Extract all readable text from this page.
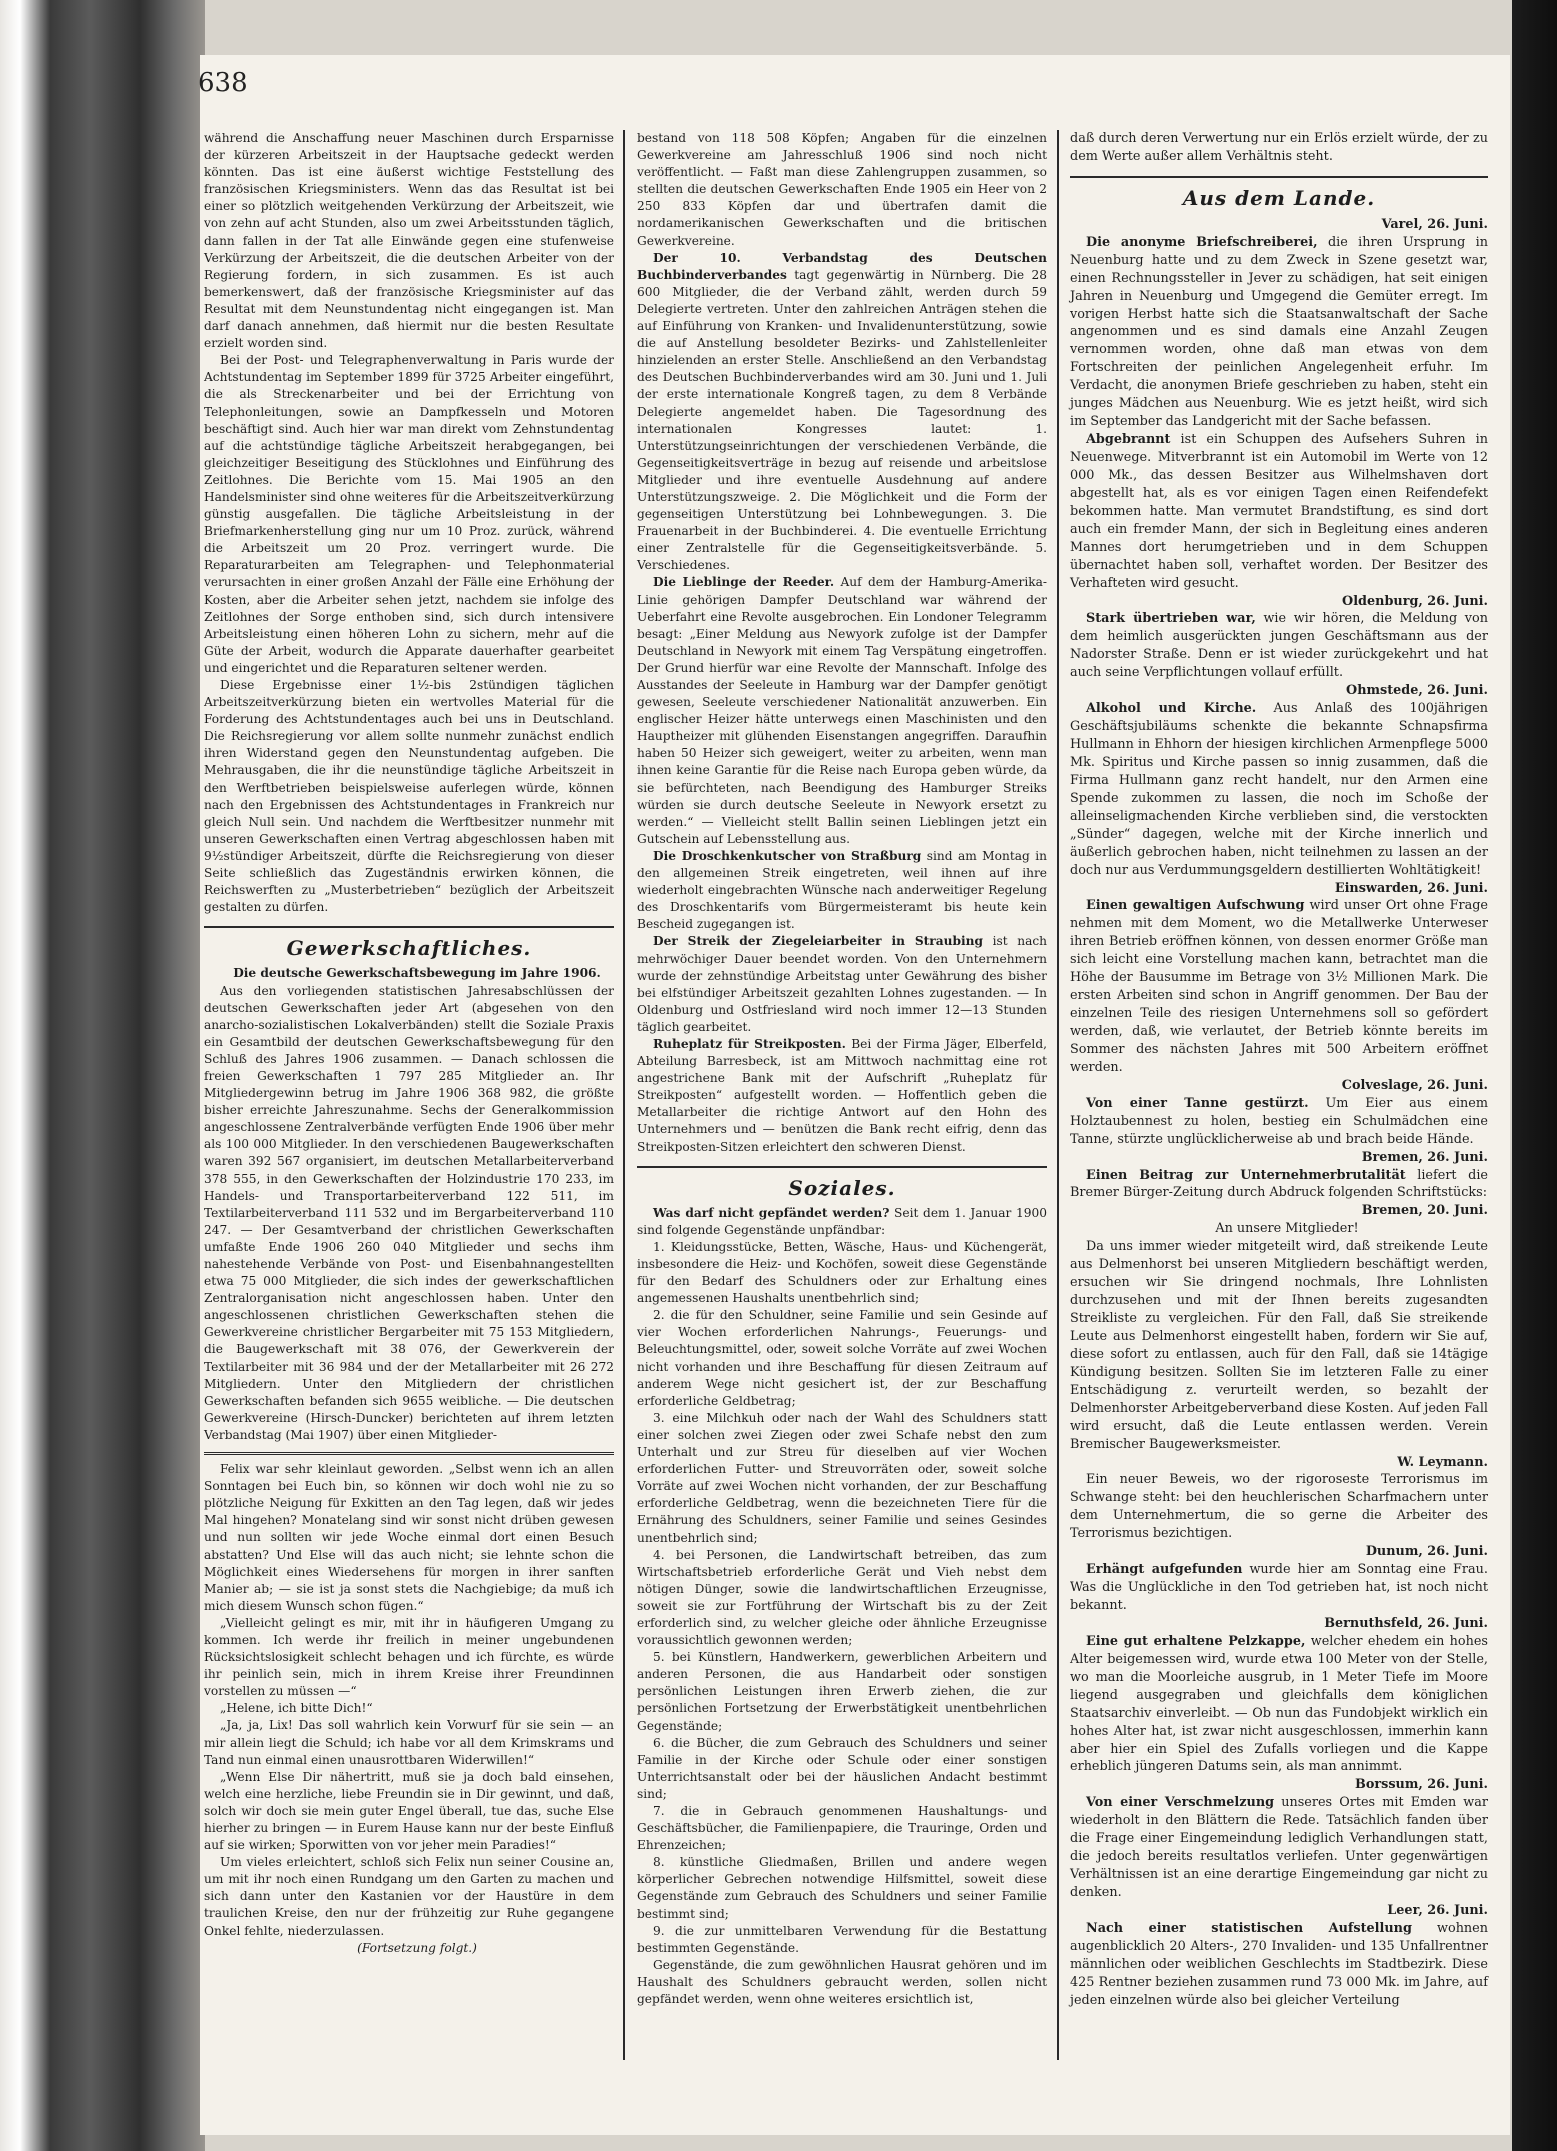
638

während die Anschaffung neuer Maschinen durch Ersparnisse der kürzeren Arbeitszeit in der Hauptsache gedeckt werden könnten. Das ist eine äußerst wichtige Feststellung des französischen Kriegsministers. Wenn das das Resultat ist bei einer so plötzlich weitgehenden Verkürzung der Arbeitszeit, wie von zehn auf acht Stunden, also um zwei Arbeitsstunden täglich, dann fallen in der Tat alle Einwände gegen eine stufenweise Verkürzung der Arbeitszeit, die die deutschen Arbeiter von der Regierung fordern, in sich zusammen. Es ist auch bemerkenswert, daß der französische Kriegsminister auf das Resultat mit dem Neunstundentag nicht eingegangen ist. Man darf danach annehmen, daß hiermit nur die besten Resultate erzielt worden sind.

Bei der Post- und Telegraphenverwaltung in Paris wurde der Achtstundentag im September 1899 für 3725 Arbeiter eingeführt, die als Streckenarbeiter und bei der Errichtung von Telephonleitungen, sowie an Dampfkesseln und Motoren beschäftigt sind. Auch hier war man direkt vom Zehnstundentag auf die achtstündige tägliche Arbeitszeit herabgegangen, bei gleichzeitiger Beseitigung des Stücklohnes und Einführung des Zeitlohnes. Die Berichte vom 15. Mai 1905 an den Handelsminister sind ohne weiteres für die Arbeitszeitverkürzung günstig ausgefallen. Die tägliche Arbeitsleistung in der Briefmarkenherstellung ging nur um 10 Proz. zurück, während die Arbeitszeit um 20 Proz. verringert wurde. Die Reparaturarbeiten am Telegraphen- und Telephonmaterial verursachten in einer großen Anzahl der Fälle eine Erhöhung der Kosten, aber die Arbeiter sehen jetzt, nachdem sie infolge des Zeitlohnes der Sorge enthoben sind, sich durch intensivere Arbeitsleistung einen höheren Lohn zu sichern, mehr auf die Güte der Arbeit, wodurch die Apparate dauerhafter gearbeitet und eingerichtet und die Reparaturen seltener werden.

Diese Ergebnisse einer 1⅟₂-bis 2stündigen täglichen Arbeitszeitverkürzung bieten ein wertvolles Material für die Forderung des Achtstundentages auch bei uns in Deutschland. Die Reichsregierung vor allem sollte nunmehr zunächst endlich ihren Widerstand gegen den Neunstundentag aufgeben. Die Mehrausgaben, die ihr die neunstündige tägliche Arbeitszeit in den Werftbetrieben beispielsweise auferlegen würde, können nach den Ergebnissen des Achtstundentages in Frankreich nur gleich Null sein. Und nachdem die Werftbesitzer nunmehr mit unseren Gewerkschaften einen Vertrag abgeschlossen haben mit 9⅟₂stündiger Arbeitszeit, dürfte die Reichsregierung von dieser Seite schließlich das Zugeständnis erwirken können, die Reichswerften zu „Musterbetrieben“ bezüglich der Arbeitszeit gestalten zu dürfen.

Gewerkschaftliches.

Die deutsche Gewerkschaftsbewegung im Jahre 1906.

Aus den vorliegenden statistischen Jahresabschlüssen der deutschen Gewerkschaften jeder Art (abgesehen von den anarcho-sozialistischen Lokalverbänden) stellt die Soziale Praxis ein Gesamtbild der deutschen Gewerkschaftsbewegung für den Schluß des Jahres 1906 zusammen. — Danach schlossen die freien Gewerkschaften 1 797 285 Mitglieder an. Ihr Mitgliedergewinn betrug im Jahre 1906 368 982, die größte bisher erreichte Jahreszunahme. Sechs der Generalkommission angeschlossene Zentralverbände verfügten Ende 1906 über mehr als 100 000 Mitglieder. In den verschiedenen Baugewerkschaften waren 392 567 organisiert, im deutschen Metallarbeiterverband 378 555, in den Gewerkschaften der Holzindustrie 170 233, im Handels- und Transportarbeiterverband 122 511, im Textilarbeiterverband 111 532 und im Bergarbeiterverband 110 247. — Der Gesamtverband der christlichen Gewerkschaften umfaßte Ende 1906 260 040 Mitglieder und sechs ihm nahestehende Verbände von Post- und Eisenbahnangestellten etwa 75 000 Mitglieder, die sich indes der gewerkschaftlichen Zentralorganisation nicht angeschlossen haben. Unter den angeschlossenen christlichen Gewerkschaften stehen die Gewerkvereine christlicher Bergarbeiter mit 75 153 Mitgliedern, die Baugewerkschaft mit 38 076, der Gewerkverein der Textilarbeiter mit 36 984 und der der Metallarbeiter mit 26 272 Mitgliedern. Unter den Mitgliedern der christlichen Gewerkschaften befanden sich 9655 weibliche. — Die deutschen Gewerkvereine (Hirsch-Duncker) berichteten auf ihrem letzten Verbandstag (Mai 1907) über einen Mitglieder-

Felix war sehr kleinlaut geworden. „Selbst wenn ich an allen Sonntagen bei Euch bin, so können wir doch wohl nie zu so plötzliche Neigung für Exkitten an den Tag legen, daß wir jedes Mal hingehen? Monatelang sind wir sonst nicht drüben gewesen und nun sollten wir jede Woche einmal dort einen Besuch abstatten? Und Else will das auch nicht; sie lehnte schon die Möglichkeit eines Wiedersehens für morgen in ihrer sanften Manier ab; — sie ist ja sonst stets die Nachgiebige; da muß ich mich diesem Wunsch schon fügen.“

„Vielleicht gelingt es mir, mit ihr in häufigeren Umgang zu kommen. Ich werde ihr freilich in meiner ungebundenen Rücksichtslosigkeit schlecht behagen und ich fürchte, es würde ihr peinlich sein, mich in ihrem Kreise ihrer Freundinnen vorstellen zu müssen —“

„Helene, ich bitte Dich!“

„Ja, ja, Lix! Das soll wahrlich kein Vorwurf für sie sein — an mir allein liegt die Schuld; ich habe vor all dem Krimskrams und Tand nun einmal einen unausrottbaren Widerwillen!“

„Wenn Else Dir nähertritt, muß sie ja doch bald einsehen, welch eine herzliche, liebe Freundin sie in Dir gewinnt, und daß, solch wir doch sie mein guter Engel überall, tue das, suche Else hierher zu bringen — in Eurem Hause kann nur der beste Einfluß auf sie wirken; Sporwitten von vor jeher mein Paradies!“

Um vieles erleichtert, schloß sich Felix nun seiner Cousine an, um mit ihr noch einen Rundgang um den Garten zu machen und sich dann unter den Kastanien vor der Haustüre in dem traulichen Kreise, den nur der frühzeitig zur Ruhe gegangene Onkel fehlte, niederzulassen.

(Fortsetzung folgt.)

bestand von 118 508 Köpfen; Angaben für die einzelnen Gewerkvereine am Jahresschluß 1906 sind noch nicht veröffentlicht. — Faßt man diese Zahlengruppen zusammen, so stellten die deutschen Gewerkschaften Ende 1905 ein Heer von 2 250 833 Köpfen dar und übertrafen damit die nordamerikanischen Gewerkschaften und die britischen Gewerkvereine.

Der 10. Verbandstag des Deutschen Buchbinderverbandes tagt gegenwärtig in Nürnberg. Die 28 600 Mitglieder, die der Verband zählt, werden durch 59 Delegierte vertreten. Unter den zahlreichen Anträgen stehen die auf Einführung von Kranken- und Invalidenunterstützung, sowie die auf Anstellung besoldeter Bezirks- und Zahlstellenleiter hinzielenden an erster Stelle. Anschließend an den Verbandstag des Deutschen Buchbinderverbandes wird am 30. Juni und 1. Juli der erste internationale Kongreß tagen, zu dem 8 Verbände Delegierte angemeldet haben. Die Tagesordnung des internationalen Kongresses lautet: 1. Unterstützungseinrichtungen der verschiedenen Verbände, die Gegenseitigkeitsverträge in bezug auf reisende und arbeitslose Mitglieder und ihre eventuelle Ausdehnung auf andere Unterstützungszweige. 2. Die Möglichkeit und die Form der gegenseitigen Unterstützung bei Lohnbewegungen. 3. Die Frauenarbeit in der Buchbinderei. 4. Die eventuelle Errichtung einer Zentralstelle für die Gegenseitigkeitsverbände. 5. Verschiedenes.

Die Lieblinge der Reeder. Auf dem der Hamburg-Amerika-Linie gehörigen Dampfer Deutschland war während der Ueberfahrt eine Revolte ausgebrochen. Ein Londoner Telegramm besagt: „Einer Meldung aus Newyork zufolge ist der Dampfer Deutschland in Newyork mit einem Tag Verspätung eingetroffen. Der Grund hierfür war eine Revolte der Mannschaft. Infolge des Ausstandes der Seeleute in Hamburg war der Dampfer genötigt gewesen, Seeleute verschiedener Nationalität anzuwerben. Ein englischer Heizer hätte unterwegs einen Maschinisten und den Hauptheizer mit glühenden Eisenstangen angegriffen. Daraufhin haben 50 Heizer sich geweigert, weiter zu arbeiten, wenn man ihnen keine Garantie für die Reise nach Europa geben würde, da sie befürchteten, nach Beendigung des Hamburger Streiks würden sie durch deutsche Seeleute in Newyork ersetzt zu werden.“ — Vielleicht stellt Ballin seinen Lieblingen jetzt ein Gutschein auf Lebensstellung aus.

Die Droschkenkutscher von Straßburg sind am Montag in den allgemeinen Streik eingetreten, weil ihnen auf ihre wiederholt eingebrachten Wünsche nach anderweitiger Regelung des Droschkentarifs vom Bürgermeisteramt bis heute kein Bescheid zugegangen ist.

Der Streik der Ziegeleiarbeiter in Straubing ist nach mehrwöchiger Dauer beendet worden. Von den Unternehmern wurde der zehnstündige Arbeitstag unter Gewährung des bisher bei elfstündiger Arbeitszeit gezahlten Lohnes zugestanden. — In Oldenburg und Ostfriesland wird noch immer 12—13 Stunden täglich gearbeitet.

Ruheplatz für Streikposten. Bei der Firma Jäger, Elberfeld, Abteilung Barresbeck, ist am Mittwoch nachmittag eine rot angestrichene Bank mit der Aufschrift „Ruheplatz für Streikposten“ aufgestellt worden. — Hoffentlich geben die Metallarbeiter die richtige Antwort auf den Hohn des Unternehmers und — benützen die Bank recht eifrig, denn das Streikposten-Sitzen erleichtert den schweren Dienst.

Soziales.

Was darf nicht gepfändet werden? Seit dem 1. Januar 1900 sind folgende Gegenstände unpfändbar:

1. Kleidungsstücke, Betten, Wäsche, Haus- und Küchengerät, insbesondere die Heiz- und Kochöfen, soweit diese Gegenstände für den Bedarf des Schuldners oder zur Erhaltung eines angemessenen Haushalts unentbehrlich sind;

2. die für den Schuldner, seine Familie und sein Gesinde auf vier Wochen erforderlichen Nahrungs-, Feuerungs- und Beleuchtungsmittel, oder, soweit solche Vorräte auf zwei Wochen nicht vorhanden und ihre Beschaffung für diesen Zeitraum auf anderem Wege nicht gesichert ist, der zur Beschaffung erforderliche Geldbetrag;

3. eine Milchkuh oder nach der Wahl des Schuldners statt einer solchen zwei Ziegen oder zwei Schafe nebst den zum Unterhalt und zur Streu für dieselben auf vier Wochen erforderlichen Futter- und Streuvorräten oder, soweit solche Vorräte auf zwei Wochen nicht vorhanden, der zur Beschaffung erforderliche Geldbetrag, wenn die bezeichneten Tiere für die Ernährung des Schuldners, seiner Familie und seines Gesindes unentbehrlich sind;

4. bei Personen, die Landwirtschaft betreiben, das zum Wirtschaftsbetrieb erforderliche Gerät und Vieh nebst dem nötigen Dünger, sowie die landwirtschaftlichen Erzeugnisse, soweit sie zur Fortführung der Wirtschaft bis zu der Zeit erforderlich sind, zu welcher gleiche oder ähnliche Erzeugnisse voraussichtlich gewonnen werden;

5. bei Künstlern, Handwerkern, gewerblichen Arbeitern und anderen Personen, die aus Handarbeit oder sonstigen persönlichen Leistungen ihren Erwerb ziehen, die zur persönlichen Fortsetzung der Erwerbstätigkeit unentbehrlichen Gegenstände;

6. die Bücher, die zum Gebrauch des Schuldners und seiner Familie in der Kirche oder Schule oder einer sonstigen Unterrichtsanstalt oder bei der häuslichen Andacht bestimmt sind;

7. die in Gebrauch genommenen Haushaltungs- und Geschäftsbücher, die Familienpapiere, die Trauringe, Orden und Ehrenzeichen;

8. künstliche Gliedmaßen, Brillen und andere wegen körperlicher Gebrechen notwendige Hilfsmittel, soweit diese Gegenstände zum Gebrauch des Schuldners und seiner Familie bestimmt sind;

9. die zur unmittelbaren Verwendung für die Bestattung bestimmten Gegenstände.

Gegenstände, die zum gewöhnlichen Hausrat gehören und im Haushalt des Schuldners gebraucht werden, sollen nicht gepfändet werden, wenn ohne weiteres ersichtlich ist,

daß durch deren Verwertung nur ein Erlös erzielt würde, der zu dem Werte außer allem Verhältnis steht.

Aus dem Lande.

Varel, 26. Juni.

Die anonyme Briefschreiberei, die ihren Ursprung in Neuenburg hatte und zu dem Zweck in Szene gesetzt war, einen Rechnungssteller in Jever zu schädigen, hat seit einigen Jahren in Neuenburg und Umgegend die Gemüter erregt. Im vorigen Herbst hatte sich die Staatsanwaltschaft der Sache angenommen und es sind damals eine Anzahl Zeugen vernommen worden, ohne daß man etwas von dem Fortschreiten der peinlichen Angelegenheit erfuhr. Im Verdacht, die anonymen Briefe geschrieben zu haben, steht ein junges Mädchen aus Neuenburg. Wie es jetzt heißt, wird sich im September das Landgericht mit der Sache befassen.

Abgebrannt ist ein Schuppen des Aufsehers Suhren in Neuenwege. Mitverbrannt ist ein Automobil im Werte von 12 000 Mk., das dessen Besitzer aus Wilhelmshaven dort abgestellt hat, als es vor einigen Tagen einen Reifendefekt bekommen hatte. Man vermutet Brandstiftung, es sind dort auch ein fremder Mann, der sich in Begleitung eines anderen Mannes dort herumgetrieben und in dem Schuppen übernachtet haben soll, verhaftet worden. Der Besitzer des Verhafteten wird gesucht.

Oldenburg, 26. Juni.

Stark übertrieben war, wie wir hören, die Meldung von dem heimlich ausgerückten jungen Geschäftsmann aus der Nadorster Straße. Denn er ist wieder zurückgekehrt und hat auch seine Verpflichtungen vollauf erfüllt.

Ohmstede, 26. Juni.

Alkohol und Kirche. Aus Anlaß des 100jährigen Geschäftsjubiläums schenkte die bekannte Schnapsfirma Hullmann in Ehhorn der hiesigen kirchlichen Armenpflege 5000 Mk. Spiritus und Kirche passen so innig zusammen, daß die Firma Hullmann ganz recht handelt, nur den Armen eine Spende zukommen zu lassen, die noch im Schoße der alleinseligmachenden Kirche verblieben sind, die verstockten „Sünder“ dagegen, welche mit der Kirche innerlich und äußerlich gebrochen haben, nicht teilnehmen zu lassen an der doch nur aus Verdummungsgeldern destillierten Wohltätigkeit!

Einswarden, 26. Juni.

Einen gewaltigen Aufschwung wird unser Ort ohne Frage nehmen mit dem Moment, wo die Metallwerke Unterweser ihren Betrieb eröffnen können, von dessen enormer Größe man sich leicht eine Vorstellung machen kann, betrachtet man die Höhe der Bausumme im Betrage von 3⅟₂ Millionen Mark. Die ersten Arbeiten sind schon in Angriff genommen. Der Bau der einzelnen Teile des riesigen Unternehmens soll so gefördert werden, daß, wie verlautet, der Betrieb könnte bereits im Sommer des nächsten Jahres mit 500 Arbeitern eröffnet werden.

Colveslage, 26. Juni.

Von einer Tanne gestürzt. Um Eier aus einem Holztaubennest zu holen, bestieg ein Schulmädchen eine Tanne, stürzte unglücklicherweise ab und brach beide Hände.

Bremen, 26. Juni.

Einen Beitrag zur Unternehmerbrutalität liefert die Bremer Bürger-Zeitung durch Abdruck folgenden Schriftstücks:

Bremen, 20. Juni.

An unsere Mitglieder!

Da uns immer wieder mitgeteilt wird, daß streikende Leute aus Delmenhorst bei unseren Mitgliedern beschäftigt werden, ersuchen wir Sie dringend nochmals, Ihre Lohnlisten durchzusehen und mit der Ihnen bereits zugesandten Streikliste zu vergleichen. Für den Fall, daß Sie streikende Leute aus Delmenhorst eingestellt haben, fordern wir Sie auf, diese sofort zu entlassen, auch für den Fall, daß sie 14tägige Kündigung besitzen. Sollten Sie im letzteren Falle zu einer Entschädigung z. verurteilt werden, so bezahlt der Delmenhorster Arbeitgeberverband diese Kosten. Auf jeden Fall wird ersucht, daß die Leute entlassen werden. Verein Bremischer Baugewerksmeister.

W. Leymann.

Ein neuer Beweis, wo der rigoroseste Terrorismus im Schwange steht: bei den heuchlerischen Scharfmachern unter dem Unternehmertum, die so gerne die Arbeiter des Terrorismus bezichtigen.

Dunum, 26. Juni.

Erhängt aufgefunden wurde hier am Sonntag eine Frau. Was die Unglückliche in den Tod getrieben hat, ist noch nicht bekannt.

Bernuthsfeld, 26. Juni.

Eine gut erhaltene Pelzkappe, welcher ehedem ein hohes Alter beigemessen wird, wurde etwa 100 Meter von der Stelle, wo man die Moorleiche ausgrub, in 1 Meter Tiefe im Moore liegend ausgegraben und gleichfalls dem königlichen Staatsarchiv einverleibt. — Ob nun das Fundobjekt wirklich ein hohes Alter hat, ist zwar nicht ausgeschlossen, immerhin kann aber hier ein Spiel des Zufalls vorliegen und die Kappe erheblich jüngeren Datums sein, als man annimmt.

Borssum, 26. Juni.

Von einer Verschmelzung unseres Ortes mit Emden war wiederholt in den Blättern die Rede. Tatsächlich fanden über die Frage einer Eingemeindung lediglich Verhandlungen statt, die jedoch bereits resultatlos verliefen. Unter gegenwärtigen Verhältnissen ist an eine derartige Eingemeindung gar nicht zu denken.

Leer, 26. Juni.

Nach einer statistischen Aufstellung wohnen augenblicklich 20 Alters-, 270 Invaliden- und 135 Unfallrentner männlichen oder weiblichen Geschlechts im Stadtbezirk. Diese 425 Rentner beziehen zusammen rund 73 000 Mk. im Jahre, auf jeden einzelnen würde also bei gleicher Verteilung
